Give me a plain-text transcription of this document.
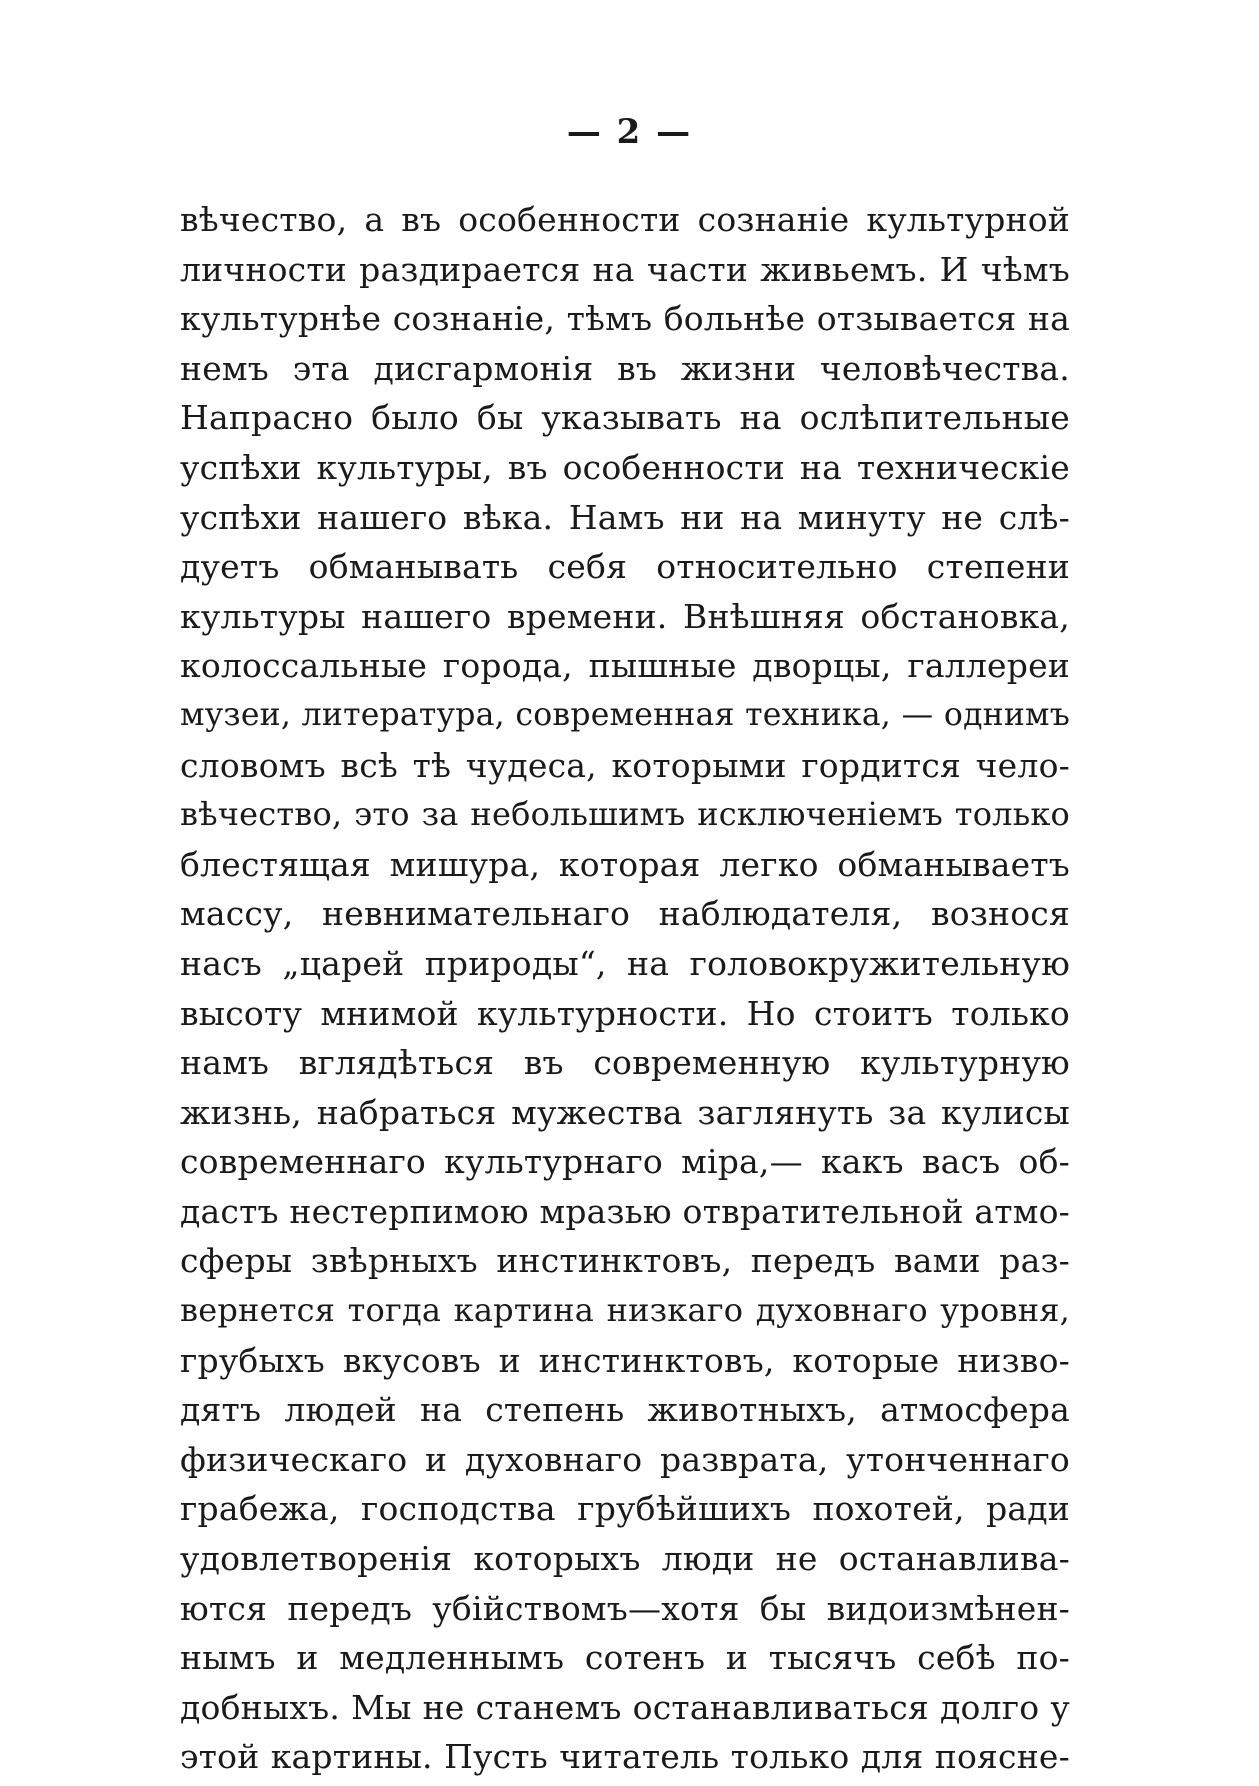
— 2 —
вѣчество, а въ особенности сознаніе культурной
личности раздирается на части живьемъ. И чѣмъ
культурнѣе сознаніе, тѣмъ больнѣе отзывается на
немъ эта дисгармонія въ жизни человѣчества.
Напрасно было бы указывать на ослѣпительные
успѣхи культуры, въ особенности на техническіе
успѣхи нашего вѣка. Намъ ни на минуту не слѣ-
дуетъ обманывать себя относительно степени
культуры нашего времени. Внѣшняя обстановка,
колоссальные города, пышные дворцы, галлереи
музеи, литература, современная техника, — однимъ
словомъ всѣ тѣ чудеса, которыми гордится чело-
вѣчество, это за небольшимъ исключеніемъ только
блестящая мишура, которая легко обманываетъ
массу, невнимательнаго наблюдателя, вознося
насъ „царей природы“, на головокружительную
высоту мнимой культурности. Но стоитъ только
намъ вглядѣться въ современную культурную
жизнь, набраться мужества заглянуть за кулисы
современнаго культурнаго міра,— какъ васъ об-
дастъ нестерпимою мразью отвратительной атмо-
сферы звѣрныхъ инстинктовъ, передъ вами раз-
вернется тогда картина низкаго духовнаго уровня,
грубыхъ вкусовъ и инстинктовъ, которые низво-
дятъ людей на степень животныхъ, атмосфера
физическаго и духовнаго разврата, утонченнаго
грабежа, господства грубѣйшихъ похотей, ради
удовлетворенія которыхъ люди не останавлива-
ются передъ убійствомъ—хотя бы видоизмѣнен-
нымъ и медленнымъ сотенъ и тысячъ себѣ по-
добныхъ. Мы не станемъ останавливаться долго у
этой картины. Пусть читатель только для поясне-
